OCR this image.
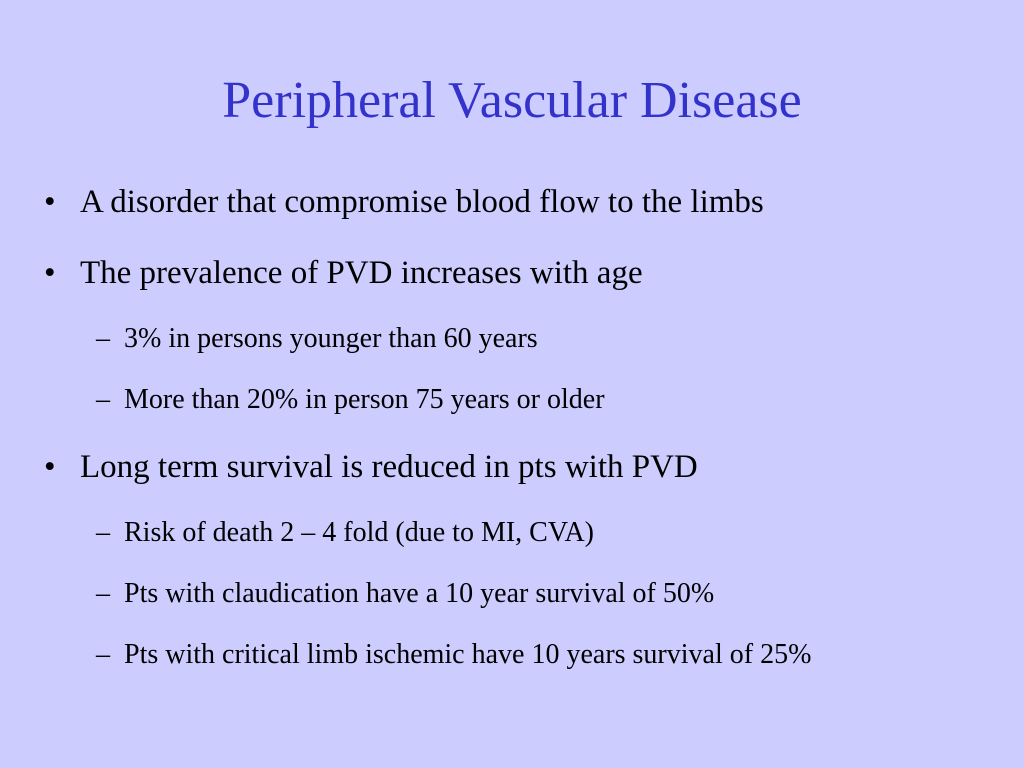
Peripheral Vascular Disease
• A disorder that compromise blood flow to the limbs
• The prevalence of PVD increases with age
– 3% in persons younger than 60 years
– More than 20% in person 75 years or older
• Long term survival is reduced in pts with PVD
– Risk of death 2 – 4 fold (due to MI, CVA)
– Pts with claudication have a 10 year survival of 50%
– Pts with critical limb ischemic have 10 years survival of 25%
